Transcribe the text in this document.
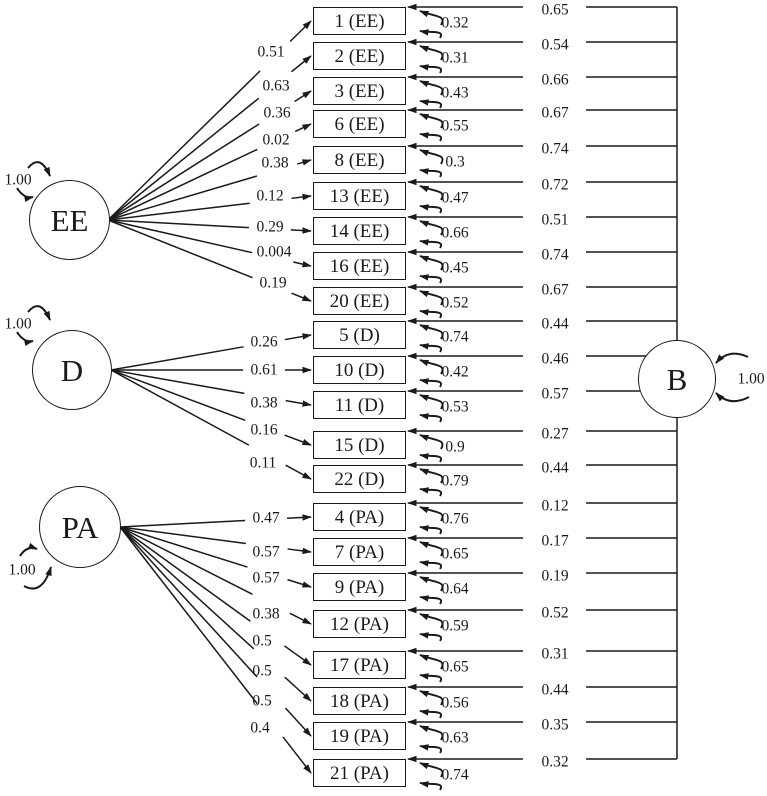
EE
D
PA
B
1.00
1.00
1.00
1.00
1 (EE)
0.51
0.32
0.65
2 (EE)
0.63
0.31
0.54
3 (EE)
0.36
0.43
0.66
6 (EE)
0.02
0.55
0.67
8 (EE)
0.38	0.3
0.74
13 (EE)
0.12	0.47
0.72
14 (EE)
0.29	0.66
0.51
16 (EE)
0.004
0.45
0.74
20 (EE)
0.19
0.52
0.67
5 (D)
0.26	0.74
0.44
10 (D)
0.61	0.42
0.46
11 (D)
0.38	0.53
0.57
15 (D)
0.16
0.9
0.27
22 (D)
0.11
0.79
0.44
4 (PA)
0.47	0.76
0.12
7 (PA)
0.57	0.65
0.17
9 (PA)
0.57
0.64
0.19
12 (PA)
0.38
0.59
0.52
17 (PA)
0.5
0.65
0.31
18 (PA)
0.5
0.56
0.44
19 (PA)
0.5
0.63
0.35
21 (PA)
0.4
0.74
0.32
